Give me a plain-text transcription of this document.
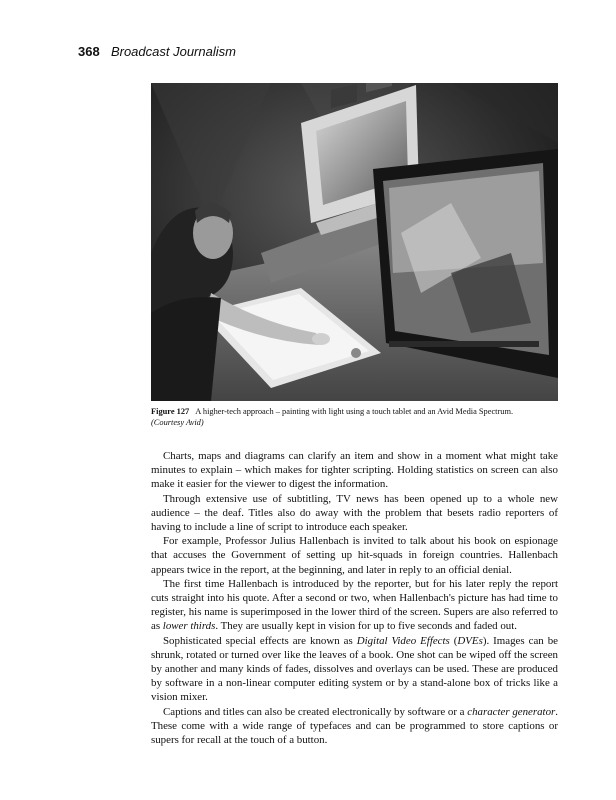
368 Broadcast Journalism
Figure 127 A higher-tech approach – painting with light using a touch tablet and an Avid Media Spectrum.
(Courtesy Avid)

Charts, maps and diagrams can clarify an item and show in a moment what might take minutes to explain – which makes for tighter scripting. Holding statistics on screen can also make it easier for the viewer to digest the information.

Through extensive use of subtitling, TV news has been opened up to a whole new audience – the deaf. Titles also do away with the problem that besets radio reporters of having to include a line of script to introduce each speaker.

For example, Professor Julius Hallenbach is invited to talk about his book on espionage that accuses the Government of setting up hit-squads in foreign countries. Hallenbach appears twice in the report, at the beginning, and later in reply to an official denial.

The first time Hallenbach is introduced by the reporter, but for his later reply the report cuts straight into his quote. After a second or two, when Hallenbach's picture has had time to register, his name is superimposed in the lower third of the screen. Supers are also referred to as lower thirds. They are usually kept in vision for up to five seconds and faded out.

Sophisticated special effects are known as Digital Video Effects (DVEs). Images can be shrunk, rotated or turned over like the leaves of a book. One shot can be wiped off the screen by another and many kinds of fades, dissolves and overlays can be used. These are produced by software in a non-linear computer editing system or by a stand-alone box of tricks like a vision mixer.

Captions and titles can also be created electronically by software or a character generator. These come with a wide range of typefaces and can be programmed to store captions or supers for recall at the touch of a button.
